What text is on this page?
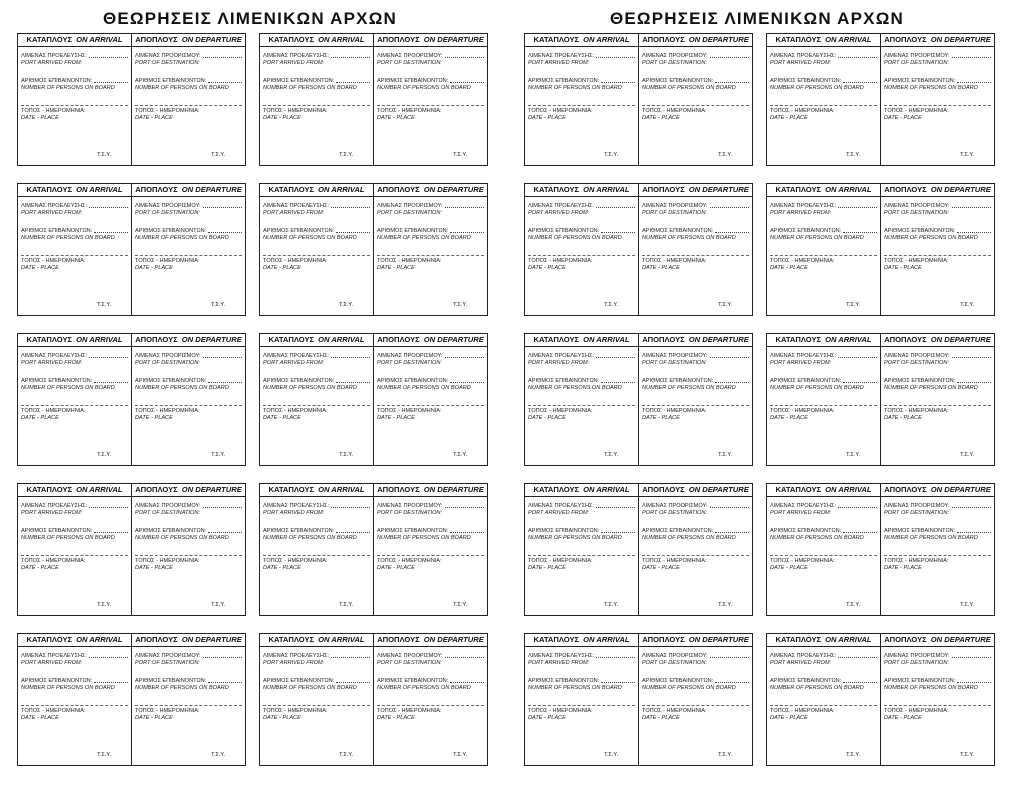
ΘΕΩΡΗΣΕΙΣ ΛΙΜΕΝΙΚΩΝ ΑΡΧΩΝ	ΘΕΩΡΗΣΕΙΣ ΛΙΜΕΝΙΚΩΝ ΑΡΧΩΝ
ΚΑΤΑΠΛΟΥΣ ON ARRIVAL
ΛΙΜΕΝΑΣ ΠΡΟΕΛΕΥΣΗΣ:
PORT ARRIVED FROM:
ΑΡΙΘΜΟΣ ΕΠΙΒΑΙΝΟΝΤΩΝ:
NUMBER OF PERSONS ON BOARD
ΤΟΠΟΣ - ΗΜΕΡΟΜΗΝΙΑ:
DATE - PLACE
Τ.Σ.Υ.
ΑΠΟΠΛΟΥΣ ON DEPARTURE
ΛΙΜΕΝΑΣ ΠΡΟΟΡΙΣΜΟΥ:
PORT OF DESTINATION:
ΑΡΙΘΜΟΣ ΕΠΙΒΑΙΝΟΝΤΩΝ:
NUMBER OF PERSONS ON BOARD
ΤΟΠΟΣ - ΗΜΕΡΟΜΗΝΙΑ:
DATE - PLACE
Τ.Σ.Υ.
ΚΑΤΑΠΛΟΥΣ ON ARRIVAL
ΛΙΜΕΝΑΣ ΠΡΟΕΛΕΥΣΗΣ:
PORT ARRIVED FROM:
ΑΡΙΘΜΟΣ ΕΠΙΒΑΙΝΟΝΤΩΝ:
NUMBER OF PERSONS ON BOARD
ΤΟΠΟΣ - ΗΜΕΡΟΜΗΝΙΑ:
DATE - PLACE
Τ.Σ.Υ.
ΑΠΟΠΛΟΥΣ ON DEPARTURE
ΛΙΜΕΝΑΣ ΠΡΟΟΡΙΣΜΟΥ:
PORT OF DESTINATION:
ΑΡΙΘΜΟΣ ΕΠΙΒΑΙΝΟΝΤΩΝ:
NUMBER OF PERSONS ON BOARD
ΤΟΠΟΣ - ΗΜΕΡΟΜΗΝΙΑ:
DATE - PLACE
Τ.Σ.Υ.
ΚΑΤΑΠΛΟΥΣ ON ARRIVAL
ΛΙΜΕΝΑΣ ΠΡΟΕΛΕΥΣΗΣ:
PORT ARRIVED FROM:
ΑΡΙΘΜΟΣ ΕΠΙΒΑΙΝΟΝΤΩΝ:
NUMBER OF PERSONS ON BOARD
ΤΟΠΟΣ - ΗΜΕΡΟΜΗΝΙΑ:
DATE - PLACE
Τ.Σ.Υ.
ΑΠΟΠΛΟΥΣ ON DEPARTURE
ΛΙΜΕΝΑΣ ΠΡΟΟΡΙΣΜΟΥ:
PORT OF DESTINATION:
ΑΡΙΘΜΟΣ ΕΠΙΒΑΙΝΟΝΤΩΝ:
NUMBER OF PERSONS ON BOARD
ΤΟΠΟΣ - ΗΜΕΡΟΜΗΝΙΑ:
DATE - PLACE
Τ.Σ.Υ.
ΚΑΤΑΠΛΟΥΣ ON ARRIVAL
ΛΙΜΕΝΑΣ ΠΡΟΕΛΕΥΣΗΣ:
PORT ARRIVED FROM:
ΑΡΙΘΜΟΣ ΕΠΙΒΑΙΝΟΝΤΩΝ:
NUMBER OF PERSONS ON BOARD
ΤΟΠΟΣ - ΗΜΕΡΟΜΗΝΙΑ:
DATE - PLACE
Τ.Σ.Υ.
ΑΠΟΠΛΟΥΣ ON DEPARTURE
ΛΙΜΕΝΑΣ ΠΡΟΟΡΙΣΜΟΥ:
PORT OF DESTINATION:
ΑΡΙΘΜΟΣ ΕΠΙΒΑΙΝΟΝΤΩΝ:
NUMBER OF PERSONS ON BOARD
ΤΟΠΟΣ - ΗΜΕΡΟΜΗΝΙΑ:
DATE - PLACE
Τ.Σ.Υ.
ΚΑΤΑΠΛΟΥΣ ON ARRIVAL
ΛΙΜΕΝΑΣ ΠΡΟΕΛΕΥΣΗΣ:
PORT ARRIVED FROM:
ΑΡΙΘΜΟΣ ΕΠΙΒΑΙΝΟΝΤΩΝ:
NUMBER OF PERSONS ON BOARD
ΤΟΠΟΣ - ΗΜΕΡΟΜΗΝΙΑ:
DATE - PLACE
Τ.Σ.Υ.
ΑΠΟΠΛΟΥΣ ON DEPARTURE
ΛΙΜΕΝΑΣ ΠΡΟΟΡΙΣΜΟΥ:
PORT OF DESTINATION:
ΑΡΙΘΜΟΣ ΕΠΙΒΑΙΝΟΝΤΩΝ:
NUMBER OF PERSONS ON BOARD
ΤΟΠΟΣ - ΗΜΕΡΟΜΗΝΙΑ:
DATE - PLACE
Τ.Σ.Υ.
ΚΑΤΑΠΛΟΥΣ ON ARRIVAL
ΛΙΜΕΝΑΣ ΠΡΟΕΛΕΥΣΗΣ:
PORT ARRIVED FROM:
ΑΡΙΘΜΟΣ ΕΠΙΒΑΙΝΟΝΤΩΝ:
NUMBER OF PERSONS ON BOARD
ΤΟΠΟΣ - ΗΜΕΡΟΜΗΝΙΑ:
DATE - PLACE
Τ.Σ.Υ.
ΑΠΟΠΛΟΥΣ ON DEPARTURE
ΛΙΜΕΝΑΣ ΠΡΟΟΡΙΣΜΟΥ:
PORT OF DESTINATION:
ΑΡΙΘΜΟΣ ΕΠΙΒΑΙΝΟΝΤΩΝ:
NUMBER OF PERSONS ON BOARD
ΤΟΠΟΣ - ΗΜΕΡΟΜΗΝΙΑ:
DATE - PLACE
Τ.Σ.Υ.
ΚΑΤΑΠΛΟΥΣ ON ARRIVAL
ΛΙΜΕΝΑΣ ΠΡΟΕΛΕΥΣΗΣ:
PORT ARRIVED FROM:
ΑΡΙΘΜΟΣ ΕΠΙΒΑΙΝΟΝΤΩΝ:
NUMBER OF PERSONS ON BOARD
ΤΟΠΟΣ - ΗΜΕΡΟΜΗΝΙΑ:
DATE - PLACE
Τ.Σ.Υ.
ΑΠΟΠΛΟΥΣ ON DEPARTURE
ΛΙΜΕΝΑΣ ΠΡΟΟΡΙΣΜΟΥ:
PORT OF DESTINATION:
ΑΡΙΘΜΟΣ ΕΠΙΒΑΙΝΟΝΤΩΝ:
NUMBER OF PERSONS ON BOARD
ΤΟΠΟΣ - ΗΜΕΡΟΜΗΝΙΑ:
DATE - PLACE
Τ.Σ.Υ.
ΚΑΤΑΠΛΟΥΣ ON ARRIVAL
ΛΙΜΕΝΑΣ ΠΡΟΕΛΕΥΣΗΣ:
PORT ARRIVED FROM:
ΑΡΙΘΜΟΣ ΕΠΙΒΑΙΝΟΝΤΩΝ:
NUMBER OF PERSONS ON BOARD
ΤΟΠΟΣ - ΗΜΕΡΟΜΗΝΙΑ:
DATE - PLACE
Τ.Σ.Υ.
ΑΠΟΠΛΟΥΣ ON DEPARTURE
ΛΙΜΕΝΑΣ ΠΡΟΟΡΙΣΜΟΥ:
PORT OF DESTINATION:
ΑΡΙΘΜΟΣ ΕΠΙΒΑΙΝΟΝΤΩΝ:
NUMBER OF PERSONS ON BOARD
ΤΟΠΟΣ - ΗΜΕΡΟΜΗΝΙΑ:
DATE - PLACE
Τ.Σ.Υ.
ΚΑΤΑΠΛΟΥΣ ON ARRIVAL
ΛΙΜΕΝΑΣ ΠΡΟΕΛΕΥΣΗΣ:
PORT ARRIVED FROM:
ΑΡΙΘΜΟΣ ΕΠΙΒΑΙΝΟΝΤΩΝ:
NUMBER OF PERSONS ON BOARD
ΤΟΠΟΣ - ΗΜΕΡΟΜΗΝΙΑ:
DATE - PLACE
Τ.Σ.Υ.
ΑΠΟΠΛΟΥΣ ON DEPARTURE
ΛΙΜΕΝΑΣ ΠΡΟΟΡΙΣΜΟΥ:
PORT OF DESTINATION:
ΑΡΙΘΜΟΣ ΕΠΙΒΑΙΝΟΝΤΩΝ:
NUMBER OF PERSONS ON BOARD
ΤΟΠΟΣ - ΗΜΕΡΟΜΗΝΙΑ:
DATE - PLACE
Τ.Σ.Υ.
ΚΑΤΑΠΛΟΥΣ ON ARRIVAL
ΛΙΜΕΝΑΣ ΠΡΟΕΛΕΥΣΗΣ:
PORT ARRIVED FROM:
ΑΡΙΘΜΟΣ ΕΠΙΒΑΙΝΟΝΤΩΝ:
NUMBER OF PERSONS ON BOARD
ΤΟΠΟΣ - ΗΜΕΡΟΜΗΝΙΑ:
DATE - PLACE
Τ.Σ.Υ.
ΑΠΟΠΛΟΥΣ ON DEPARTURE
ΛΙΜΕΝΑΣ ΠΡΟΟΡΙΣΜΟΥ:
PORT OF DESTINATION:
ΑΡΙΘΜΟΣ ΕΠΙΒΑΙΝΟΝΤΩΝ:
NUMBER OF PERSONS ON BOARD
ΤΟΠΟΣ - ΗΜΕΡΟΜΗΝΙΑ:
DATE - PLACE
Τ.Σ.Υ.
ΚΑΤΑΠΛΟΥΣ ON ARRIVAL
ΛΙΜΕΝΑΣ ΠΡΟΕΛΕΥΣΗΣ:
PORT ARRIVED FROM:
ΑΡΙΘΜΟΣ ΕΠΙΒΑΙΝΟΝΤΩΝ:
NUMBER OF PERSONS ON BOARD
ΤΟΠΟΣ - ΗΜΕΡΟΜΗΝΙΑ:
DATE - PLACE
Τ.Σ.Υ.
ΑΠΟΠΛΟΥΣ ON DEPARTURE
ΛΙΜΕΝΑΣ ΠΡΟΟΡΙΣΜΟΥ:
PORT OF DESTINATION:
ΑΡΙΘΜΟΣ ΕΠΙΒΑΙΝΟΝΤΩΝ:
NUMBER OF PERSONS ON BOARD
ΤΟΠΟΣ - ΗΜΕΡΟΜΗΝΙΑ:
DATE - PLACE
Τ.Σ.Υ.
ΚΑΤΑΠΛΟΥΣ ON ARRIVAL
ΛΙΜΕΝΑΣ ΠΡΟΕΛΕΥΣΗΣ:
PORT ARRIVED FROM:
ΑΡΙΘΜΟΣ ΕΠΙΒΑΙΝΟΝΤΩΝ:
NUMBER OF PERSONS ON BOARD
ΤΟΠΟΣ - ΗΜΕΡΟΜΗΝΙΑ:
DATE - PLACE
Τ.Σ.Υ.
ΑΠΟΠΛΟΥΣ ON DEPARTURE
ΛΙΜΕΝΑΣ ΠΡΟΟΡΙΣΜΟΥ:
PORT OF DESTINATION:
ΑΡΙΘΜΟΣ ΕΠΙΒΑΙΝΟΝΤΩΝ:
NUMBER OF PERSONS ON BOARD
ΤΟΠΟΣ - ΗΜΕΡΟΜΗΝΙΑ:
DATE - PLACE
Τ.Σ.Υ.
ΚΑΤΑΠΛΟΥΣ ON ARRIVAL
ΛΙΜΕΝΑΣ ΠΡΟΕΛΕΥΣΗΣ:
PORT ARRIVED FROM:
ΑΡΙΘΜΟΣ ΕΠΙΒΑΙΝΟΝΤΩΝ:
NUMBER OF PERSONS ON BOARD
ΤΟΠΟΣ - ΗΜΕΡΟΜΗΝΙΑ:
DATE - PLACE
Τ.Σ.Υ.
ΑΠΟΠΛΟΥΣ ON DEPARTURE
ΛΙΜΕΝΑΣ ΠΡΟΟΡΙΣΜΟΥ:
PORT OF DESTINATION:
ΑΡΙΘΜΟΣ ΕΠΙΒΑΙΝΟΝΤΩΝ:
NUMBER OF PERSONS ON BOARD
ΤΟΠΟΣ - ΗΜΕΡΟΜΗΝΙΑ:
DATE - PLACE
Τ.Σ.Υ.
ΚΑΤΑΠΛΟΥΣ ON ARRIVAL
ΛΙΜΕΝΑΣ ΠΡΟΕΛΕΥΣΗΣ:
PORT ARRIVED FROM:
ΑΡΙΘΜΟΣ ΕΠΙΒΑΙΝΟΝΤΩΝ:
NUMBER OF PERSONS ON BOARD
ΤΟΠΟΣ - ΗΜΕΡΟΜΗΝΙΑ:
DATE - PLACE
Τ.Σ.Υ.
ΑΠΟΠΛΟΥΣ ON DEPARTURE
ΛΙΜΕΝΑΣ ΠΡΟΟΡΙΣΜΟΥ:
PORT OF DESTINATION:
ΑΡΙΘΜΟΣ ΕΠΙΒΑΙΝΟΝΤΩΝ:
NUMBER OF PERSONS ON BOARD
ΤΟΠΟΣ - ΗΜΕΡΟΜΗΝΙΑ:
DATE - PLACE
Τ.Σ.Υ.
ΚΑΤΑΠΛΟΥΣ ON ARRIVAL
ΛΙΜΕΝΑΣ ΠΡΟΕΛΕΥΣΗΣ:
PORT ARRIVED FROM:
ΑΡΙΘΜΟΣ ΕΠΙΒΑΙΝΟΝΤΩΝ:
NUMBER OF PERSONS ON BOARD
ΤΟΠΟΣ - ΗΜΕΡΟΜΗΝΙΑ:
DATE - PLACE
Τ.Σ.Υ.
ΑΠΟΠΛΟΥΣ ON DEPARTURE
ΛΙΜΕΝΑΣ ΠΡΟΟΡΙΣΜΟΥ:
PORT OF DESTINATION:
ΑΡΙΘΜΟΣ ΕΠΙΒΑΙΝΟΝΤΩΝ:
NUMBER OF PERSONS ON BOARD
ΤΟΠΟΣ - ΗΜΕΡΟΜΗΝΙΑ:
DATE - PLACE
Τ.Σ.Υ.
ΚΑΤΑΠΛΟΥΣ ON ARRIVAL
ΛΙΜΕΝΑΣ ΠΡΟΕΛΕΥΣΗΣ:
PORT ARRIVED FROM:
ΑΡΙΘΜΟΣ ΕΠΙΒΑΙΝΟΝΤΩΝ:
NUMBER OF PERSONS ON BOARD
ΤΟΠΟΣ - ΗΜΕΡΟΜΗΝΙΑ:
DATE - PLACE
Τ.Σ.Υ.
ΑΠΟΠΛΟΥΣ ON DEPARTURE
ΛΙΜΕΝΑΣ ΠΡΟΟΡΙΣΜΟΥ:
PORT OF DESTINATION:
ΑΡΙΘΜΟΣ ΕΠΙΒΑΙΝΟΝΤΩΝ:
NUMBER OF PERSONS ON BOARD
ΤΟΠΟΣ - ΗΜΕΡΟΜΗΝΙΑ:
DATE - PLACE
Τ.Σ.Υ.
ΚΑΤΑΠΛΟΥΣ ON ARRIVAL
ΛΙΜΕΝΑΣ ΠΡΟΕΛΕΥΣΗΣ:
PORT ARRIVED FROM:
ΑΡΙΘΜΟΣ ΕΠΙΒΑΙΝΟΝΤΩΝ:
NUMBER OF PERSONS ON BOARD
ΤΟΠΟΣ - ΗΜΕΡΟΜΗΝΙΑ:
DATE - PLACE
Τ.Σ.Υ.
ΑΠΟΠΛΟΥΣ ON DEPARTURE
ΛΙΜΕΝΑΣ ΠΡΟΟΡΙΣΜΟΥ:
PORT OF DESTINATION:
ΑΡΙΘΜΟΣ ΕΠΙΒΑΙΝΟΝΤΩΝ:
NUMBER OF PERSONS ON BOARD
ΤΟΠΟΣ - ΗΜΕΡΟΜΗΝΙΑ:
DATE - PLACE
Τ.Σ.Υ.
ΚΑΤΑΠΛΟΥΣ ON ARRIVAL
ΛΙΜΕΝΑΣ ΠΡΟΕΛΕΥΣΗΣ:
PORT ARRIVED FROM:
ΑΡΙΘΜΟΣ ΕΠΙΒΑΙΝΟΝΤΩΝ:
NUMBER OF PERSONS ON BOARD
ΤΟΠΟΣ - ΗΜΕΡΟΜΗΝΙΑ:
DATE - PLACE
Τ.Σ.Υ.
ΑΠΟΠΛΟΥΣ ON DEPARTURE
ΛΙΜΕΝΑΣ ΠΡΟΟΡΙΣΜΟΥ:
PORT OF DESTINATION:
ΑΡΙΘΜΟΣ ΕΠΙΒΑΙΝΟΝΤΩΝ:
NUMBER OF PERSONS ON BOARD
ΤΟΠΟΣ - ΗΜΕΡΟΜΗΝΙΑ:
DATE - PLACE
Τ.Σ.Υ.
ΚΑΤΑΠΛΟΥΣ ON ARRIVAL
ΛΙΜΕΝΑΣ ΠΡΟΕΛΕΥΣΗΣ:
PORT ARRIVED FROM:
ΑΡΙΘΜΟΣ ΕΠΙΒΑΙΝΟΝΤΩΝ:
NUMBER OF PERSONS ON BOARD
ΤΟΠΟΣ - ΗΜΕΡΟΜΗΝΙΑ:
DATE - PLACE
Τ.Σ.Υ.
ΑΠΟΠΛΟΥΣ ON DEPARTURE
ΛΙΜΕΝΑΣ ΠΡΟΟΡΙΣΜΟΥ:
PORT OF DESTINATION:
ΑΡΙΘΜΟΣ ΕΠΙΒΑΙΝΟΝΤΩΝ:
NUMBER OF PERSONS ON BOARD
ΤΟΠΟΣ - ΗΜΕΡΟΜΗΝΙΑ:
DATE - PLACE
Τ.Σ.Υ.
ΚΑΤΑΠΛΟΥΣ ON ARRIVAL
ΛΙΜΕΝΑΣ ΠΡΟΕΛΕΥΣΗΣ:
PORT ARRIVED FROM:
ΑΡΙΘΜΟΣ ΕΠΙΒΑΙΝΟΝΤΩΝ:
NUMBER OF PERSONS ON BOARD
ΤΟΠΟΣ - ΗΜΕΡΟΜΗΝΙΑ:
DATE - PLACE
Τ.Σ.Υ.
ΑΠΟΠΛΟΥΣ ON DEPARTURE
ΛΙΜΕΝΑΣ ΠΡΟΟΡΙΣΜΟΥ:
PORT OF DESTINATION:
ΑΡΙΘΜΟΣ ΕΠΙΒΑΙΝΟΝΤΩΝ:
NUMBER OF PERSONS ON BOARD
ΤΟΠΟΣ - ΗΜΕΡΟΜΗΝΙΑ:
DATE - PLACE
Τ.Σ.Υ.
